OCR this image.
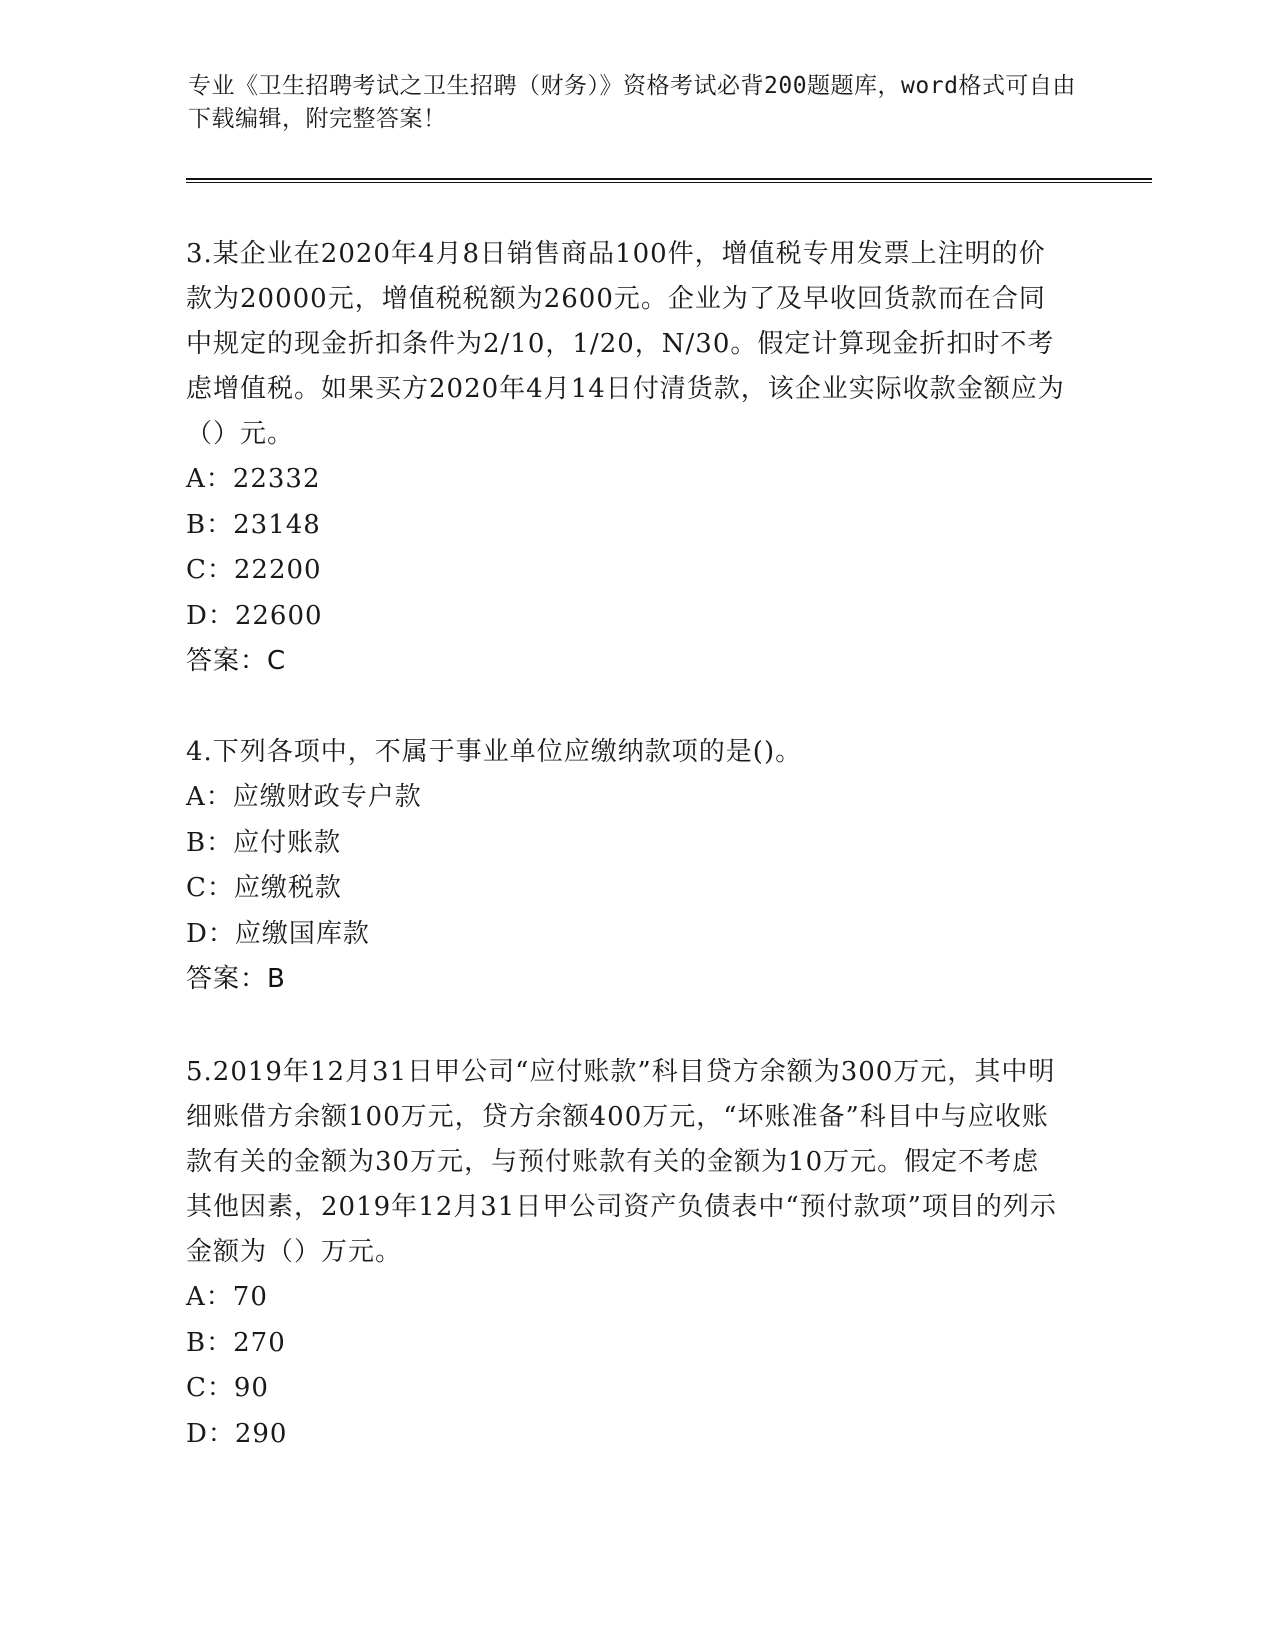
专业《卫生招聘考试之卫生招聘（财务）》资格考试必背200题题库，word格式可自由下载编辑，附完整答案！

3.某企业在2020年4月8日销售商品100件，增值税专用发票上注明的价款为20000元，增值税税额为2600元。企业为了及早收回货款而在合同中规定的现金折扣条件为2/10，1/20，N/30。假定计算现金折扣时不考虑增值税。如果买方2020年4月14日付清货款，该企业实际收款金额应为（）元。

A：22332
B：23148
C：22200
D：22600
答案：C

4.下列各项中，不属于事业单位应缴纳款项的是()。

A：应缴财政专户款
B：应付账款
C：应缴税款
D：应缴国库款
答案：B

5.2019年12月31日甲公司“应付账款”科目贷方余额为300万元，其中明细账借方余额100万元，贷方余额400万元，“坏账准备”科目中与应收账款有关的金额为30万元，与预付账款有关的金额为10万元。假定不考虑其他因素，2019年12月31日甲公司资产负债表中“预付款项”项目的列示金额为（）万元。

A：70
B：270
C：90
D：290
